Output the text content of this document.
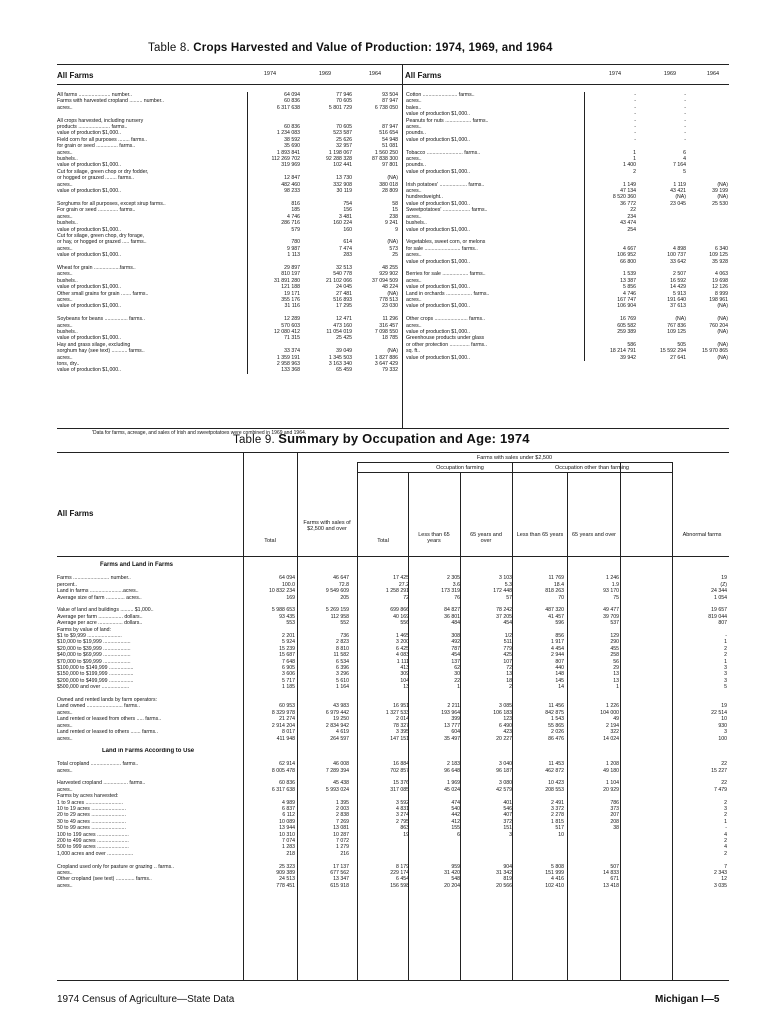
Table 8. Crops Harvested and Value of Production: 1974, 1969, and 1964
All Farms	All Farms
1974	1969	1964	1974	1969	1964
All farms ...................... number..	64 094	77 946	93 504
Farms with harvested cropland ......... number..	60 836	70 605	87 947
acres..	6 317 638	5 801 729	6 738 050

All crops harvested, including nursery			
products ...................... farms..	60 836	70 605	87 947
value of production $1,000..	1 234 083	523 587	516 654
Field corn for all purposes ........ farms..	38 592	25 626	54 948
for grain or seed ............... farms..	35 690	32 957	51 081
acres..	1 893 841	1 198 067	1 560 250
bushels..	112 269 702	92 288 328	87 838 300
value of production $1,000..	319 969	102 441	97 801
Cut for silage, green chop or dry fodder,			
or hogged or grazed ........ farms..	12 847	13 730	(NA)
acres..	482 460	332 908	380 018
value of production $1,000..	98 233	30 119	28 809

Sorghums for all purposes, except sirup farms..	816	754	58
For grain or seed .............. farms..	185	156	15
acres..	4 746	3 481	238
bushels..	286 716	160 224	9 241
value of production $1,000..	579	160	9
Cut for silage, green chop, dry forage,			
or hay, or hogged or grazed ..... farms..	780	614	(NA)
acres..	9 987	7 474	573
value of production $1,000..	1 113	283	25

Wheat for grain ..................farms..	29 897	32 513	48 255
acres..	810 197	540 778	929 902
bushels..	31 891 280	21 102 066	37 094 509
value of production $1,000..	121 188	24 045	48 224
Other small grains for grain ....... farms..	19 171	27 481	(NA)
acres..	355 176	516 893	778 513
value of production $1,000..	31 116	17 295	23 030

Soybeans for beans ................ farms..	12 289	12 471	11 296
acres..	570 603	473 160	316 457
bushels..	12 080 412	11 054 019	7 098 550
value of production $1,000..	71 315	25 425	18 785
Hay and grass silage, excluding			
sorghum hay (see text) ........... farms..	33 374	39 049	(NA)
acres..	1 359 191	1 345 503	1 827 886
tons, dry..	2 958 963	3 163 340	3 647 429
value of production $1,000..	133 368	65 459	79 332
Cotton ........................ farms..	-	-	
acres..	-	-	
bales..	-	-	
value of production $1,000..	-	-	
Peanuts for nuts .................. farms..	-	-	
acres..	-	-	
pounds..	-	-	
value of production $1,000..	-	-	

Tobacco ......................... farms..	1	6	
acres..	1	4	
pounds..	1 400	7 164	
value of production $1,000..	2	5	

Irish potatoes' ................... farms..	1 149	1 119	(NA)
acres..	47 134	43 421	39 199
hundredweight..	8 520 360	(NA)	(NA)
value of production $1,000..	36 772	23 045	25 530
Sweetpotatoes' ................... farms..	22		
acres..	234		
bushels..	43 474		
value of production $1,000..	254		

Vegetables, sweet corn, or melons			
for sale ......................... farms..	4 667	4 898	6 340
acres..	106 952	100 737	109 125
value of production $1,000..	66 800	33 642	35 928

Berries for sale .................. farms..	1 539	2 507	4 063
acres..	13 387	16 592	19 698
value of production $1,000..	5 856	14 429	12 126
Land in orchards .................. farms..	4 746	5 913	8 999
acres..	167 747	191 640	198 961
value of production $1,000..	106 904	37 613	(NA)

Other crops ....................... farms..	16 769	(NA)	(NA)
acres..	605 582	767 836	760 204
value of production $1,000..	259 389	109 125	(NA)
Greenhouse products under glass			
or other protection .............. farms..	586	505	(NA)
sq. ft..	18 214 791	15 592 294	15 970 865
value of production $1,000..	39 942	27 641	(NA)
'Data for farms, acreage, and sales of Irish and sweetpotatoes were combined in 1969 and 1964.
Table 9. Summary by Occupation and Age: 1974
All Farms
Farms with sales under $2,500
Occupation farming	Occupation other than farming
Total
Farms with sales of $2,500 and over
Total
Less than 65 years
65 years and over
Less than 65 years	65 years and over	Abnormal farms
Farms and Land in Farms

Farms ......................... number..	64 094	46 647	17 425	2 305	3 103	11 769	1 246		19
percent..	100.0	72.8	27.2	3.6	5.3	18.4	1.9		(Z)
Land in farms .......................acres..	10 832 234	9 549 609	1 258 291	173 319	172 448	818 263	93 170		24 344
Average size of farm ............. acres..	169	205	72	76	57	70	75		1 054

Value of land and buildings ......... $1,000..	5 988 653	5 269 159	699 866	84 827	78 242	487 320	49 477		19 657
Average per farm ................. dollars..	93 435	112 958	40 169	36 801	37 205	41 457	39 709		819 044
Average per acre ................. dollars..	553	552	556	484	454	596	537		807
Farms by value of land:									
$1 to $9,999 ........................	2 201	736	1 465	308	1/2	856	129		-
$10,000 to $19,999 ...................	5 924	2 823	3 200	492	511	1 917	290		1
$20,000 to $39,999 ...................	15 239	8 810	6 425	787	779	4 454	455		2
$40,000 to $69,999 ...................	15 687	11 582	4 083	454	425	2 944	258		2
$70,000 to $99,999 ...................	7 648	6 534	1 111	137	107	807	56		1
$100,000 to $149,999 .................	6 905	6 396	413	62	72	440	29		3
$150,000 to $199,999 .................	3 606	3 296	309	30	13	148	13		3
$200,000 to $499,999 .................	5 717	5 610	104	22	18	145	13		3
$500,000 and over ...................	1 185	1 164	13	1	2	14	1		5

Owned and rented lands by farm operators:									
Land owned ......................... farms..	60 953	43 983	16 951	2 211	3 085	11 456	1 226		19
acres..	8 329 978	6 979 442	1 327 533	193 964	106 183	842 875	104 000		22 514
Land rented or leased from others ..... farms..	21 274	19 250	2 014	399	123	1 543	49		10
acres..	2 914 204	2 834 942	78 327	13 777	6 490	55 865	2 194		930
Land rented or leased to others ....... farms..	8 017	4 619	3 395	604	423	2 026	322		3
acres..	411 948	264 597	147 151	35 497	20 227	86 476	14 024		100

Land in Farms According to Use									

Total cropland ..................... farms..	62 914	46 008	16 884	2 183	3 040	11 453	1 208		22
acres..	8 005 478	7 289 394	702 857	96 648	96 187	462 872	49 180		15 227

Harvested cropland ................. farms..	60 836	45 438	15 376	1 969	3 080	10 423	1 104		22
acres..	6 317 638	5 993 024	317 085	45 024	42 579	208 553	20 929		7 479
Farms by acres harvested:									
1 to 9 acres ..........................	4 989	1 395	3 592	474	401	2 491	786		2
10 to 19 acres ........................	6 837	2 003	4 831	540	546	3 372	373		3
20 to 29 acres ........................	6 112	2 838	3 274	442	407	2 278	207		2
30 to 49 acres ........................	10 089	7 269	2 795	412	372	1 815	208		1
50 to 99 acres ........................	13 944	13 081	863	155	151	517	38		-
100 to 199 acres ......................	10 310	10 287	19	6	3	10			4
200 to 499 acres ......................	7 074	7 072							2
500 to 999 acres ......................	1 283	1 279							4
1,000 acres and over ..................	218	216							2

Cropland used only for pasture or grazing .. farms..	25 323	17 137	8 179	959	904	5 808	507		7
acres..	909 389	677 562	229 174	31 420	31 342	151 999	14 833		2 343
Other cropland (see text) ............. farms..	24 513	13 347	6 454	548	819	4 416	671		12
acres..	778 451	615 918	156 598	20 204	20 566	102 410	13 418		3 035
1974 Census of Agriculture—State Data	Michigan I—5
